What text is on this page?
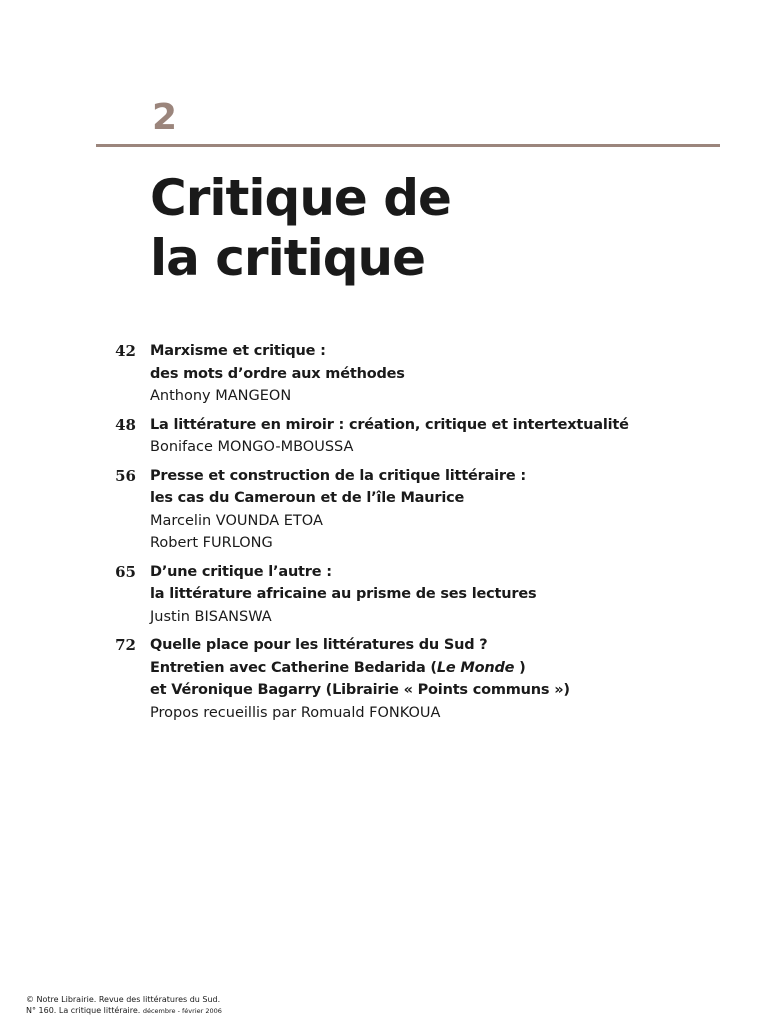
2
Critique de
la critique
42 Marxisme et critique :
des mots d’ordre aux méthodes
Anthony MANGEON
48 La littérature en miroir : création, critique et intertextualité
Boniface MONGO-MBOUSSA
56 Presse et construction de la critique littéraire :
les cas du Cameroun et de l’île Maurice
Marcelin VOUNDA ETOA
Robert FURLONG
65 D’une critique l’autre :
la littérature africaine au prisme de ses lectures
Justin BISANSWA
72 Quelle place pour les littératures du Sud ?
Entretien avec Catherine Bedarida (Le Monde )
et Véronique Bagarry (Librairie « Points communs »)
Propos recueillis par Romuald FONKOUA
© Notre Librairie. Revue des littératures du Sud.
N° 160. La critique littéraire. décembre - février 2006
